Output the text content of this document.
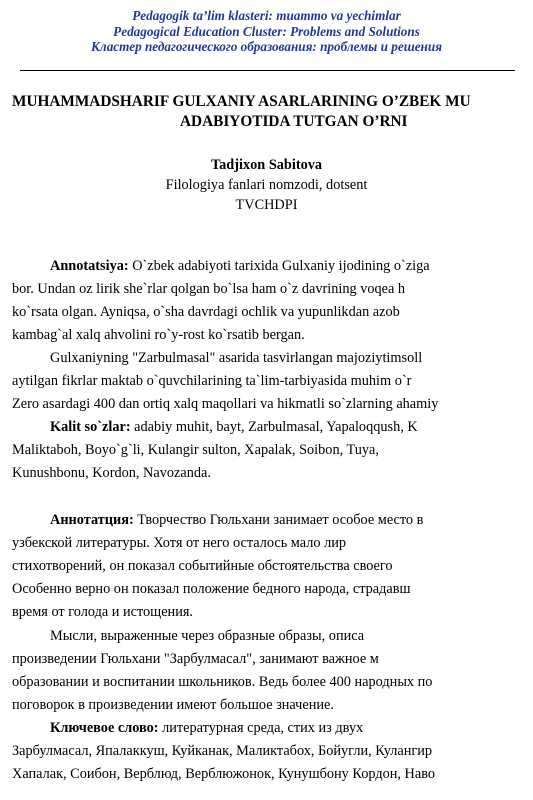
Pedagogik ta’lim klasteri: muammo va yechimlar
Pedagogical Education Cluster: Problems and Solutions
Кластер педагогического образования: проблемы и решения
MUHAMMADSHARIF GULXANIY ASARLARINING O’ZBEK MU
ADABIYOTIDA TUTGAN O’RNI
Tadjixon Sabitova
Filologiya fanlari nomzodi, dotsent
TVCHDPI
Annotatsiya: O`zbek adabiyoti tarixida Gulxaniy ijodining o`ziga
bor. Undan oz lirik she`rlar qolgan bo`lsa ham o`z davrining voqea h
ko`rsata olgan. Ayniqsa, o`sha davrdagi ochlik va yupunlikdan azob
kambag`al xalq ahvolini ro`y-rost ko`rsatib bergan.
Gulxaniyning "Zarbulmasal" asarida tasvirlangan majoziytimsoll
aytilgan fikrlar maktab o`quvchilarining ta`lim-tarbiyasida muhim o`r
Zero asardagi 400 dan ortiq xalq maqollari va hikmatli so`zlarning ahamiy
Kalit so`zlar: adabiy muhit, bayt, Zarbulmasal, Yapaloqqush, K
Maliktaboh, Boyo`g`li, Kulangir sulton, Xapalak, Soibon, Tuya,
Kunushbonu, Kordon, Navozanda.
Аннотатция: Творчество Гюльхани занимает особое место в
узбекской литературы. Хотя от него осталось мало лир
стихотворений, он показал событийные обстоятельства своего
Особенно верно он показал положение бедного народа, страдавш
время от голода и истощения.
Мысли, выраженные через образные образы, описа
произведении Гюльхани "Зарбулмасал", занимают важное м
образовании и воспитании школьников. Ведь более 400 народных по
поговорок в произведении имеют большое значение.
Ключевое слово: литературная среда, стих из двух
Зарбулмасал, Япалаккуш, Куйканак, Маликтабох, Бойугли, Кулангир
Хапалак, Соибон, Верблюд, Верблюжонок, Кунушбону Кордон, Наво
